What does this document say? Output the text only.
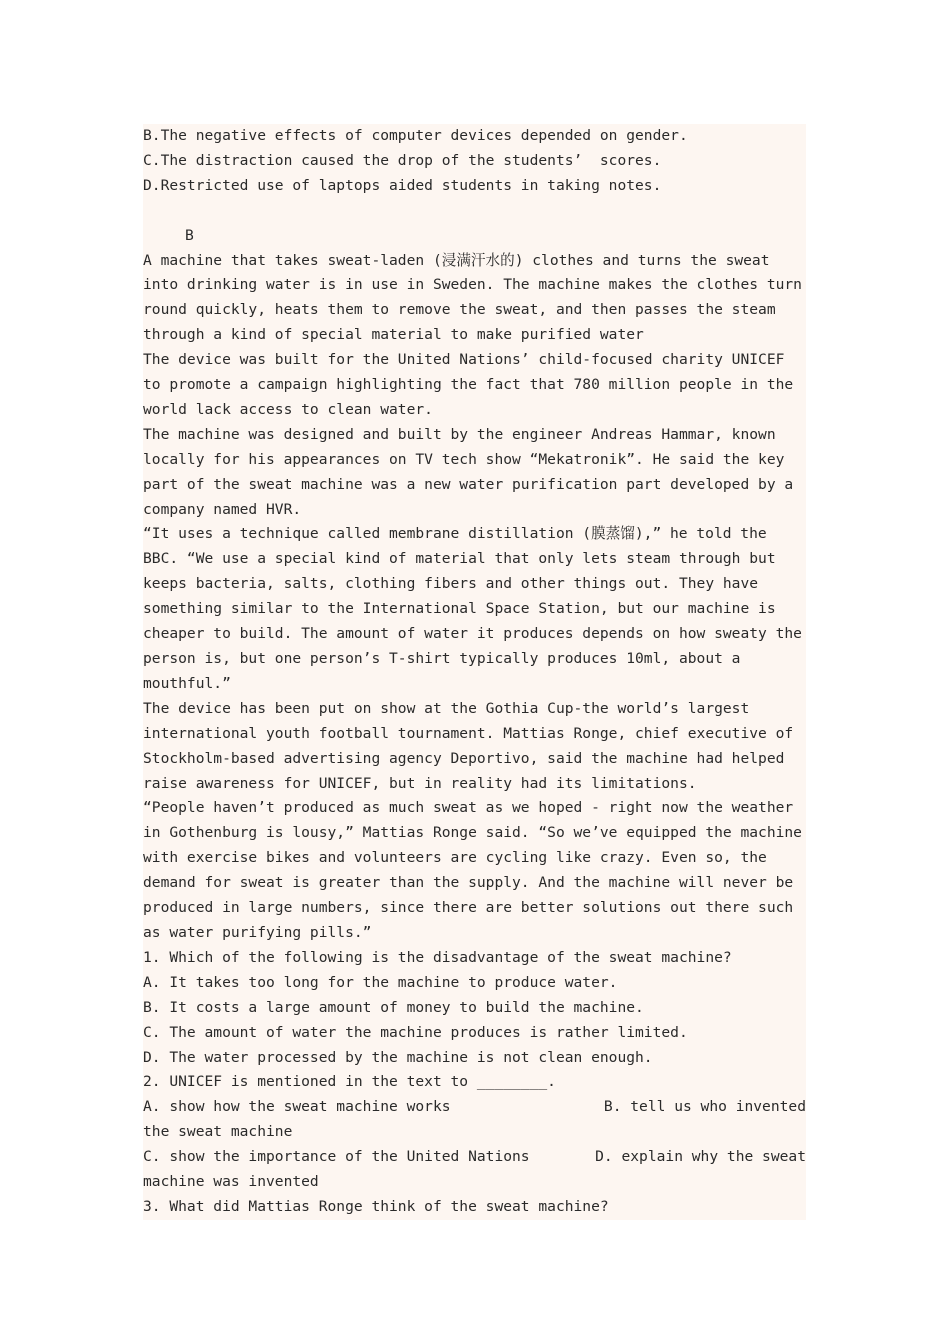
B.The negative effects of computer devices depended on gender.
C.The distraction caused the drop of the students’  scores.
D.Restricted use of laptops aided students in taking notes.
B
A machine that takes sweat-laden (浸满汗水的) clothes and turns the sweat into drinking water is in use in Sweden. The machine makes the clothes turn round quickly, heats them to remove the sweat, and then passes the steam through a kind of special material to make purified water
The device was built for the United Nations’ child-focused charity UNICEF to promote a campaign highlighting the fact that 780 million people in the world lack access to clean water.
The machine was designed and built by the engineer Andreas Hammar, known locally for his appearances on TV tech show “Mekatronik”. He said the key part of the sweat machine was a new water purification part developed by a company named HVR.
“It uses a technique called membrane distillation (膜蒸馏),” he told the BBC. “We use a special kind of material that only lets steam through but keeps bacteria, salts, clothing fibers and other things out. They have something similar to the International Space Station, but our machine is cheaper to build. The amount of water it produces depends on how sweaty the person is, but one person’s T-shirt typically produces 10ml, about a mouthful.”
The device has been put on show at the Gothia Cup-the world’s largest international youth football tournament. Mattias Ronge, chief executive of Stockholm-based advertising agency Deportivo, said the machine had helped raise awareness for UNICEF, but in reality had its limitations.
“People haven’t produced as much sweat as we hoped - right now the weather in Gothenburg is lousy,” Mattias Ronge said. “So we’ve equipped the machine with exercise bikes and volunteers are cycling like crazy. Even so, the demand for sweat is greater than the supply. And the machine will never be produced in large numbers, since there are better solutions out there such as water purifying pills.”
1. Which of the following is the disadvantage of the sweat machine?
A. It takes too long for the machine to produce water.
B. It costs a large amount of money to build the machine.
C. The amount of water the machine produces is rather limited.
D. The water processed by the machine is not clean enough.
2. UNICEF is mentioned in the text to ________.
A. show how the sweat machine works	B. tell us who invented
the sweat machine
C. show the importance of the United Nations	D. explain why the sweat
machine was invented
3. What did Mattias Ronge think of the sweat machine?
